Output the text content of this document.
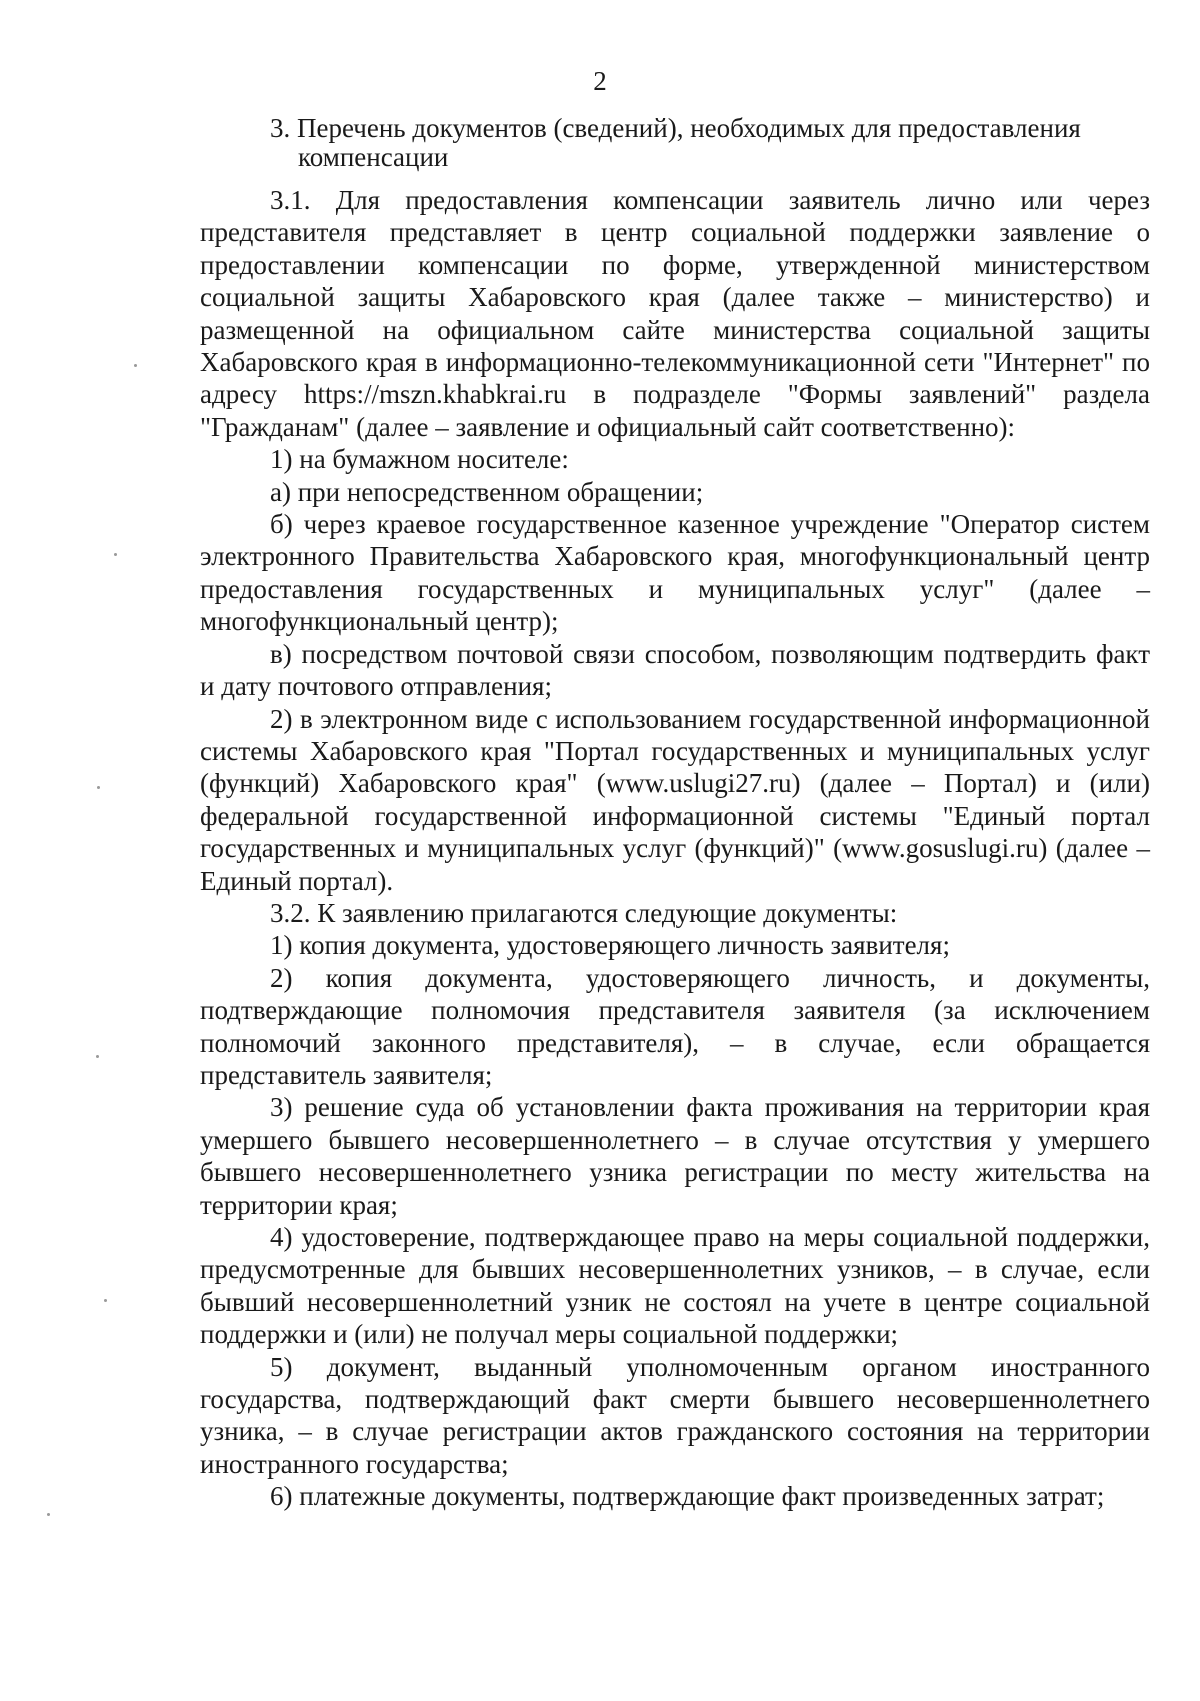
2
3. Перечень документов (сведений), необходимых для предоставления
компенсации

3.1. Для предоставления компенсации заявитель лично или через представителя представляет в центр социальной поддержки заявление о предоставлении компенсации по форме, утвержденной министерством социальной защиты Хабаровского края (далее также – министерство) и размещенной на официальном сайте министерства социальной защиты Хабаровского края в информационно-телекоммуникационной сети "Интернет" по адресу https://mszn.khabkrai.ru в подразделе "Формы заявлений" раздела "Гражданам" (далее – заявление и официальный сайт соответственно):

1) на бумажном носителе:

а) при непосредственном обращении;

б) через краевое государственное казенное учреждение "Оператор систем электронного Правительства Хабаровского края, многофункциональный центр предоставления государственных и муниципальных услуг" (далее – многофункциональный центр);

в) посредством почтовой связи способом, позволяющим подтвердить факт и дату почтового отправления;

2) в электронном виде с использованием государственной информационной системы Хабаровского края "Портал государственных и муниципальных услуг (функций) Хабаровского края" (www.uslugi27.ru) (далее – Портал) и (или) федеральной государственной информационной системы "Единый портал государственных и муниципальных услуг (функций)" (www.gosuslugi.ru) (далее – Единый портал).

3.2. К заявлению прилагаются следующие документы:

1) копия документа, удостоверяющего личность заявителя;

2) копия документа, удостоверяющего личность, и документы, подтверждающие полномочия представителя заявителя (за исключением полномочий законного представителя), – в случае, если обращается представитель заявителя;

3) решение суда об установлении факта проживания на территории края умершего бывшего несовершеннолетнего – в случае отсутствия у умершего бывшего несовершеннолетнего узника регистрации по месту жительства на территории края;

4) удостоверение, подтверждающее право на меры социальной поддержки, предусмотренные для бывших несовершеннолетних узников, – в случае, если бывший несовершеннолетний узник не состоял на учете в центре социальной поддержки и (или) не получал меры социальной поддержки;

5) документ, выданный уполномоченным органом иностранного государства, подтверждающий факт смерти бывшего несовершеннолетнего узника, – в случае регистрации актов гражданского состояния на территории иностранного государства;

6) платежные документы, подтверждающие факт произведенных затрат;
